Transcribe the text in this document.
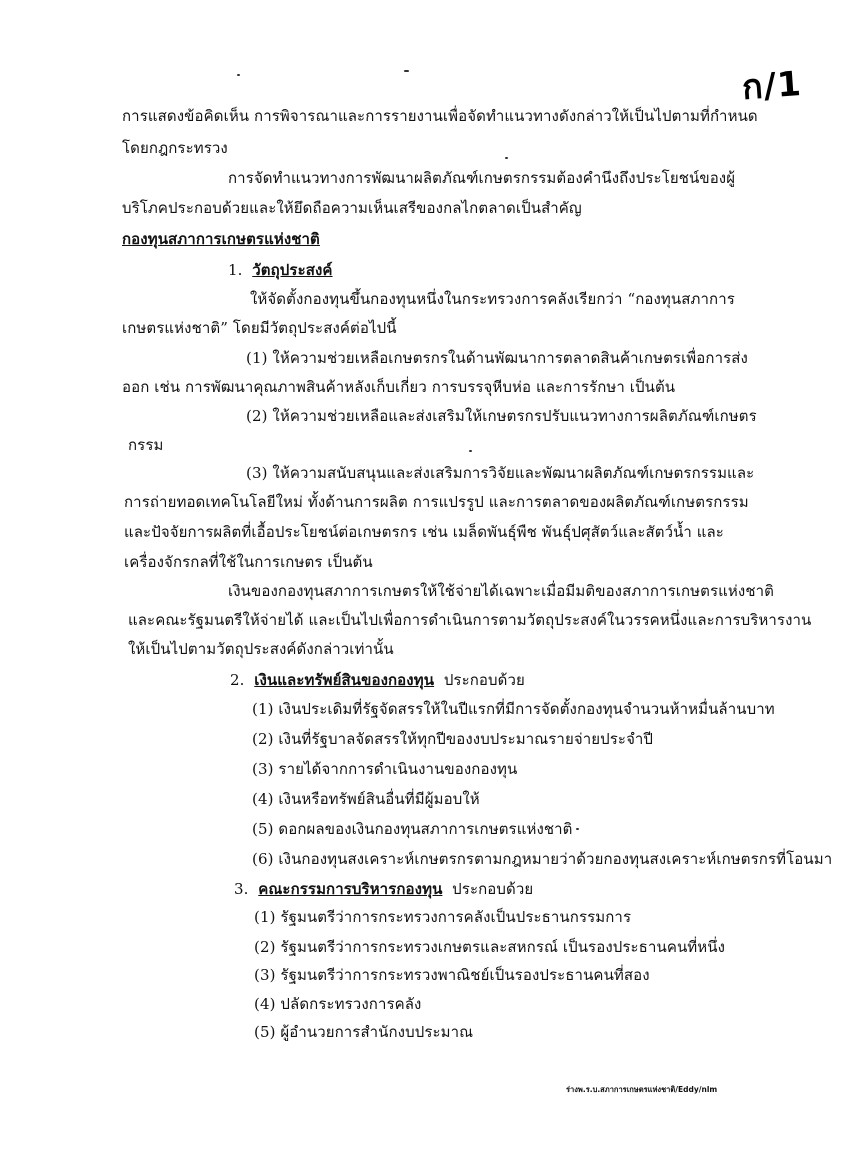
ก/1
การแสดงข้อคิดเห็น การพิจารณาและการรายงานเพื่อจัดทำแนวทางดังกล่าวให้เป็นไปตามที่กำหนด
โดยกฎกระทรวง
การจัดทำแนวทางการพัฒนาผลิตภัณฑ์เกษตรกรรมต้องคำนึงถึงประโยชน์ของผู้
บริโภคประกอบด้วยและให้ยึดถือความเห็นเสรีของกลไกตลาดเป็นสำคัญ
กองทุนสภาการเกษตรแห่งชาติ
1. วัตถุประสงค์
ให้จัดตั้งกองทุนขึ้นกองทุนหนึ่งในกระทรวงการคลังเรียกว่า “กองทุนสภาการ
เกษตรแห่งชาติ” โดยมีวัตถุประสงค์ต่อไปนี้
(1) ให้ความช่วยเหลือเกษตรกรในด้านพัฒนาการตลาดสินค้าเกษตรเพื่อการส่ง
ออก เช่น การพัฒนาคุณภาพสินค้าหลังเก็บเกี่ยว การบรรจุหีบห่อ และการรักษา เป็นต้น
(2) ให้ความช่วยเหลือและส่งเสริมให้เกษตรกรปรับแนวทางการผลิตภัณฑ์เกษตร
กรรม
(3) ให้ความสนับสนุนและส่งเสริมการวิจัยและพัฒนาผลิตภัณฑ์เกษตรกรรมและ
การถ่ายทอดเทคโนโลยีใหม่ ทั้งด้านการผลิต การแปรรูป และการตลาดของผลิตภัณฑ์เกษตรกรรม
และปัจจัยการผลิตที่เอื้อประโยชน์ต่อเกษตรกร เช่น เมล็ดพันธุ์พืช พันธุ์ปศุสัตว์และสัตว์น้ำ และ
เครื่องจักรกลที่ใช้ในการเกษตร เป็นต้น
เงินของกองทุนสภาการเกษตรให้ใช้จ่ายได้เฉพาะเมื่อมีมติของสภาการเกษตรแห่งชาติ
และคณะรัฐมนตรีให้จ่ายได้ และเป็นไปเพื่อการดำเนินการตามวัตถุประสงค์ในวรรคหนึ่งและการบริหารงาน
ให้เป็นไปตามวัตถุประสงค์ดังกล่าวเท่านั้น
2. เงินและทรัพย์สินของกองทุน ประกอบด้วย
(1) เงินประเดิมที่รัฐจัดสรรให้ในปีแรกที่มีการจัดตั้งกองทุนจำนวนห้าหมื่นล้านบาท
(2) เงินที่รัฐบาลจัดสรรให้ทุกปีของงบประมาณรายจ่ายประจำปี
(3) รายได้จากการดำเนินงานของกองทุน
(4) เงินหรือทรัพย์สินอื่นที่มีผู้มอบให้
(5) ดอกผลของเงินกองทุนสภาการเกษตรแห่งชาติ
(6) เงินกองทุนสงเคราะห์เกษตรกรตามกฎหมายว่าด้วยกองทุนสงเคราะห์เกษตรกรที่โอนมา
3. คณะกรรมการบริหารกองทุน ประกอบด้วย
(1) รัฐมนตรีว่าการกระทรวงการคลังเป็นประธานกรรมการ
(2) รัฐมนตรีว่าการกระทรวงเกษตรและสหกรณ์ เป็นรองประธานคนที่หนึ่ง
(3) รัฐมนตรีว่าการกระทรวงพาณิชย์เป็นรองประธานคนที่สอง
(4) ปลัดกระทรวงการคลัง
(5) ผู้อำนวยการสำนักงบประมาณ
ร่างพ.ร.บ.สภาการเกษตรแห่งชาติ/Eddy/nlm
